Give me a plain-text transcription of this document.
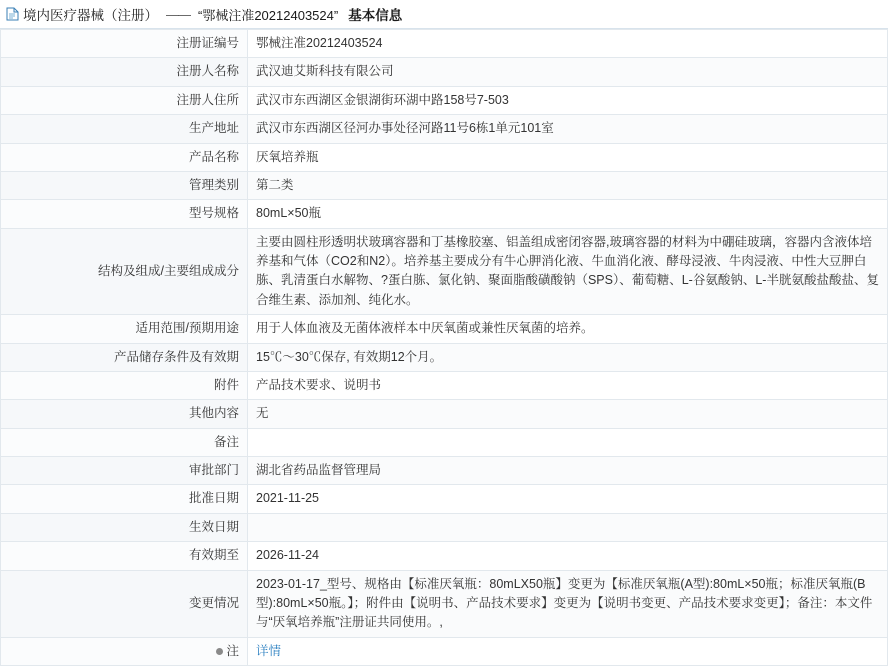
境内医疗器械（注册） —— “鄂械注准20212403524” 基本信息
注册证编号	鄂械注准20212403524
注册人名称	武汉迪艾斯科技有限公司
注册人住所	武汉市东西湖区金银湖街环湖中路158号7-503
生产地址	武汉市东西湖区径河办事处径河路11号6栋1单元101室
产品名称	厌氧培养瓶
管理类别	第二类
型号规格	80mL×50瓶
结构及组成/主要组成成分	主要由圆柱形透明状玻璃容器和丁基橡胶塞、铝盖组成密闭容器,玻璃容器的材料为中硼硅玻璃，容器内含液体培养基和气体（CO2和N2）。培养基主要成分有牛心胛消化液、牛血消化液、酵母浸液、牛肉浸液、中性大豆胛白胨、乳清蛋白水解物、?蛋白胨、氯化钠、聚面脂酸磺酸钠（SPS）、葡萄糖、L-谷氨酸钠、L-半胱氨酸盐酸盐、复合维生素、添加剂、纯化水。
适用范围/预期用途	用于人体血液及无菌体液样本中厌氧菌或兼性厌氧菌的培养。
产品储存条件及有效期	15℃～30℃保存, 有效期12个月。
附件	产品技术要求、说明书
其他内容	无
备注	
审批部门	湖北省药品监督管理局
批准日期	2021-11-25
生效日期	
有效期至	2026-11-24
变更情况	2023-01-17_型号、规格由【标准厌氧瓶：80mLX50瓶】变更为【标准厌氧瓶(A型):80mL×50瓶；标准厌氧瓶(B型):80mL×50瓶。】；附件由【说明书、产品技术要求】变更为【说明书变更、产品技术要求变更】；备注：本文件与“厌氧培养瓶”注册证共同使用。,

注	详情
